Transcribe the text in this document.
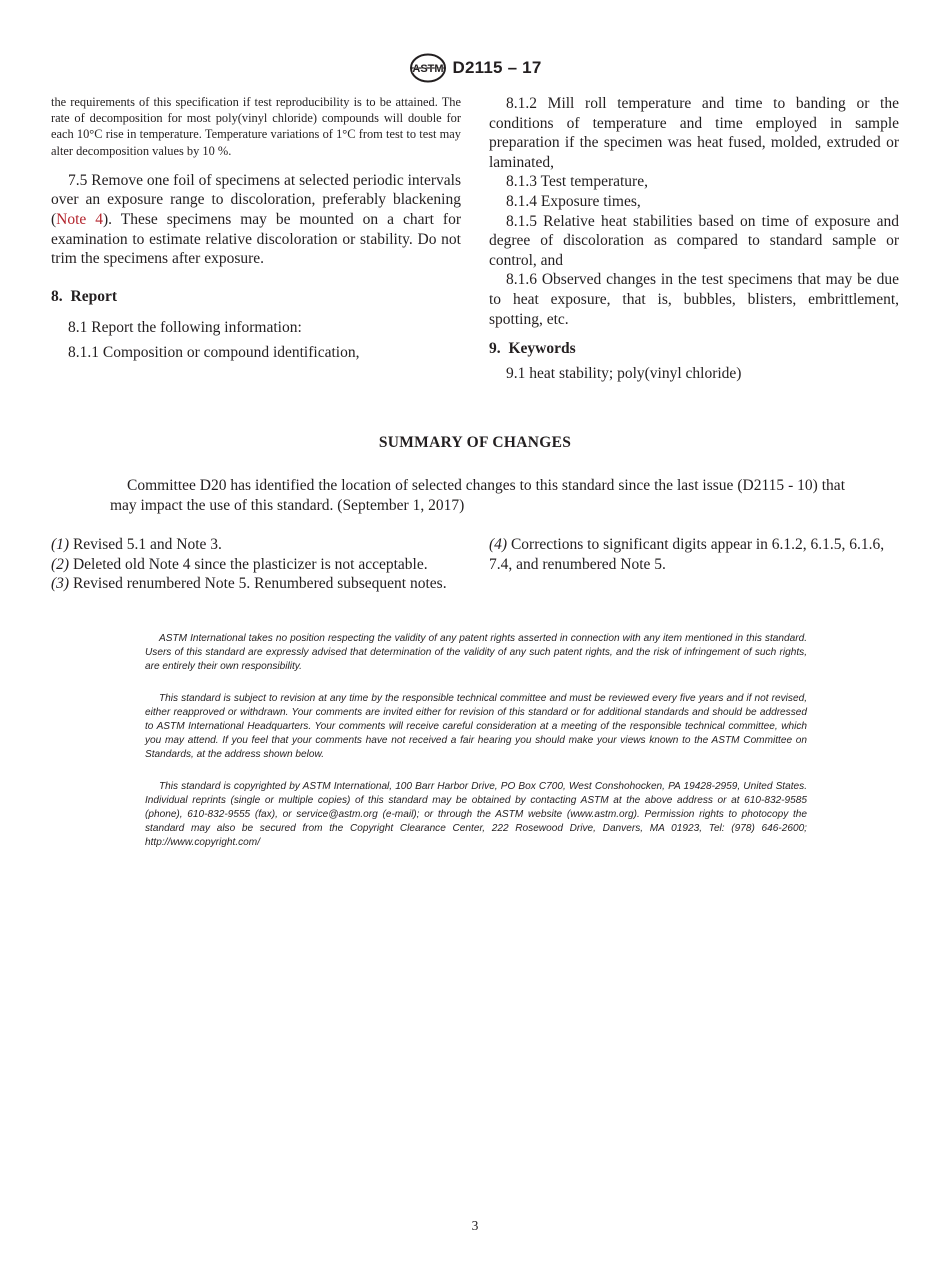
ASTM D2115 – 17

the requirements of this specification if test reproducibility is to be attained. The rate of decomposition for most poly(vinyl chloride) compounds will double for each 10°C rise in temperature. Temperature variations of 1°C from test to test may alter decomposition values by 10 %.

7.5 Remove one foil of specimens at selected periodic intervals over an exposure range to discoloration, preferably blackening (Note 4). These specimens may be mounted on a chart for examination to estimate relative discoloration or stability. Do not trim the specimens after exposure.

8. Report

8.1 Report the following information:

8.1.1 Composition or compound identification,

8.1.2 Mill roll temperature and time to banding or the conditions of temperature and time employed in sample preparation if the specimen was heat fused, molded, extruded or laminated,

8.1.3 Test temperature,

8.1.4 Exposure times,

8.1.5 Relative heat stabilities based on time of exposure and degree of discoloration as compared to standard sample or control, and

8.1.6 Observed changes in the test specimens that may be due to heat exposure, that is, bubbles, blisters, embrittlement, spotting, etc.

9. Keywords

9.1 heat stability; poly(vinyl chloride)

SUMMARY OF CHANGES

Committee D20 has identified the location of selected changes to this standard since the last issue (D2115 - 10) that may impact the use of this standard. (September 1, 2017)

(1) Revised 5.1 and Note 3.

(2) Deleted old Note 4 since the plasticizer is not acceptable.

(3) Revised renumbered Note 5. Renumbered subsequent notes.

(4) Corrections to significant digits appear in 6.1.2, 6.1.5, 6.1.6, 7.4, and renumbered Note 5.

ASTM International takes no position respecting the validity of any patent rights asserted in connection with any item mentioned in this standard. Users of this standard are expressly advised that determination of the validity of any such patent rights, and the risk of infringement of such rights, are entirely their own responsibility.

This standard is subject to revision at any time by the responsible technical committee and must be reviewed every five years and if not revised, either reapproved or withdrawn. Your comments are invited either for revision of this standard or for additional standards and should be addressed to ASTM International Headquarters. Your comments will receive careful consideration at a meeting of the responsible technical committee, which you may attend. If you feel that your comments have not received a fair hearing you should make your views known to the ASTM Committee on Standards, at the address shown below.

This standard is copyrighted by ASTM International, 100 Barr Harbor Drive, PO Box C700, West Conshohocken, PA 19428-2959, United States. Individual reprints (single or multiple copies) of this standard may be obtained by contacting ASTM at the above address or at 610-832-9585 (phone), 610-832-9555 (fax), or service@astm.org (e-mail); or through the ASTM website (www.astm.org). Permission rights to photocopy the standard may also be secured from the Copyright Clearance Center, 222 Rosewood Drive, Danvers, MA 01923, Tel: (978) 646-2600; http://www.copyright.com/

3
